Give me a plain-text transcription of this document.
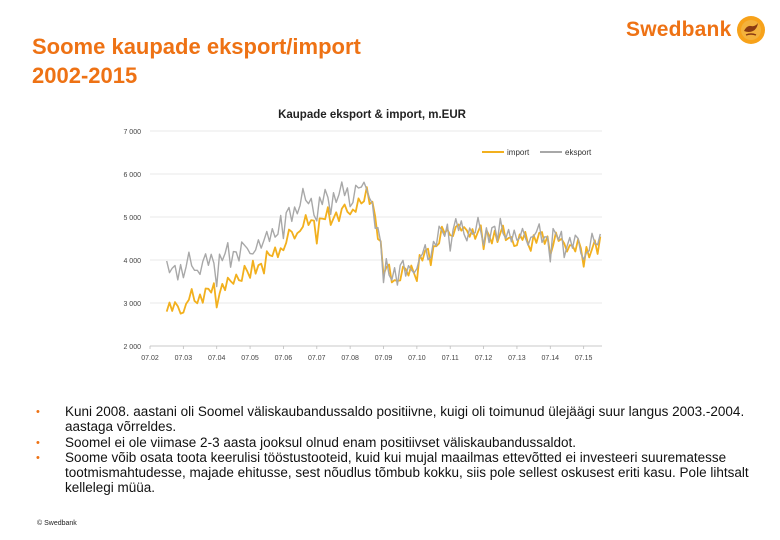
Soome kaupade eksport/import
2002-2015
Swedbank
Kaupade eksport & import, m.EUR
2 000
3 000
4 000
5 000
6 000
7 000
07.02 07.03 07.04 07.05 07.06 07.07 07.08 07.09 07.10 07.11 07.12 07.13 07.14 07.15
import	eksport
• Kuni 2008. aastani oli Soomel väliskaubandussaldo positiivne, kuigi oli toimunud ülejäägi suur langus 2003.-2004. aastaga võrreldes.
• Soomel ei ole viimase 2-3 aasta jooksul olnud enam positiivset väliskaubandussaldot.
• Soome võib osata toota keerulisi tööstustooteid, kuid kui mujal maailmas ettevõtted ei investeeri suurematesse tootmismahtudesse, majade ehitusse, sest nõudlus tõmbub kokku, siis pole sellest oskusest eriti kasu. Pole lihtsalt kellelegi müüa.
© Swedbank
